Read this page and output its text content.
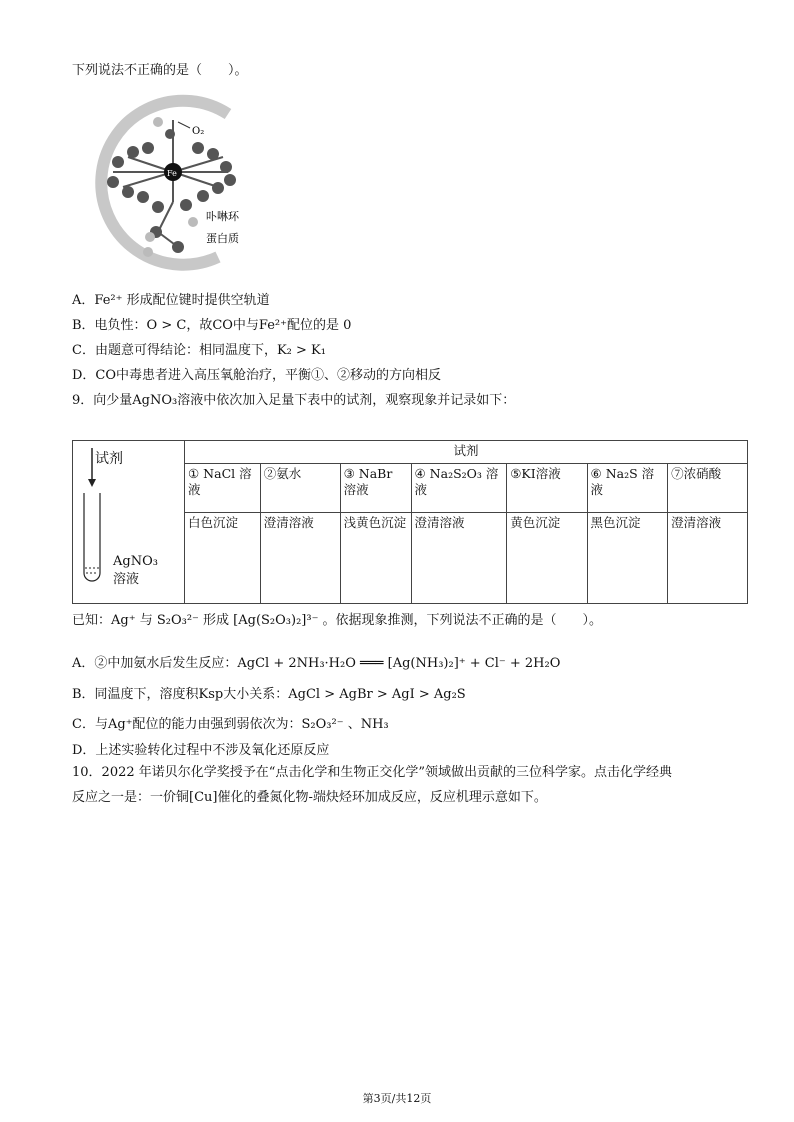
下列说法不正确的是（　　）。
Fe
O₂
卟啉环
蛋白质
A．Fe²⁺ 形成配位键时提供空轨道
B．电负性：O > C，故CO中与Fe²⁺配位的是 0
C．由题意可得结论：相同温度下，K₂ > K₁
D．CO中毒患者进入高压氧舱治疗，平衡①、②移动的方向相反
9．向少量AgNO₃溶液中依次加入足量下表中的试剂，观察现象并记录如下：
试剂
AgNO₃
溶液	试剂						
	① NaCl 溶液	②氨水	③ NaBr 溶液	④ Na₂S₂O₃ 溶液	⑤KI溶液	⑥ Na₂S 溶液	⑦浓硝酸
	白色沉淀	澄清溶液	浅黄色沉淀	澄清溶液	黄色沉淀	黑色沉淀	澄清溶液
已知：Ag⁺ 与 S₂O₃²⁻ 形成 [Ag(S₂O₃)₂]³⁻ 。依据现象推测，下列说法不正确的是（　　）。
A．②中加氨水后发生反应：AgCl + 2NH₃·H₂O ═══ [Ag(NH₃)₂]⁺ + Cl⁻ + 2H₂O
B．同温度下，溶度积Ksp大小关系：AgCl > AgBr > AgI > Ag₂S
C．与Ag⁺配位的能力由强到弱依次为：S₂O₃²⁻ 、NH₃
D．上述实验转化过程中不涉及氧化还原反应
10．2022 年诺贝尔化学奖授予在“点击化学和生物正交化学”领域做出贡献的三位科学家。点击化学经典
反应之一是：一价铜[Cu]催化的叠氮化物-端炔烃环加成反应，反应机理示意如下。
第3页/共12页
